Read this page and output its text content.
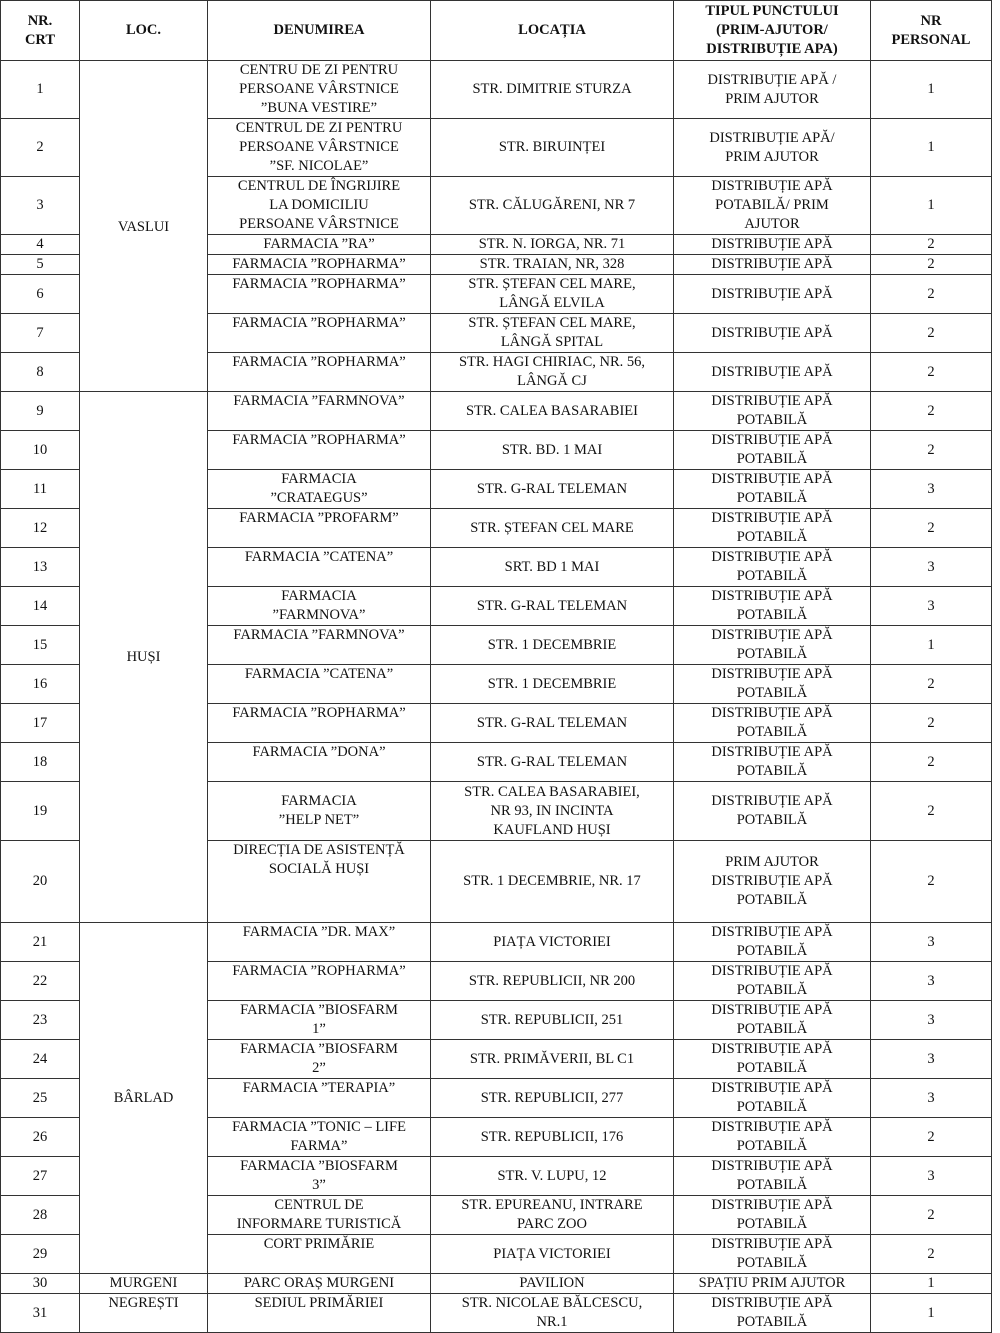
NR.
CRT	LOC.	DENUMIREA	LOCAȚIA	TIPUL PUNCTULUI
(PRIM-AJUTOR/
DISTRIBUȚIE APA)	NR
PERSONAL

1	VASLUI	CENTRU DE ZI PENTRU
PERSOANE VÂRSTNICE
”BUNA VESTIRE”	STR. DIMITRIE STURZA	DISTRIBUȚIE APĂ /
PRIM AJUTOR	1

2		CENTRUL DE ZI PENTRU
PERSOANE VÂRSTNICE
”SF. NICOLAE”	STR. BIRUINȚEI	DISTRIBUȚIE APĂ/
PRIM AJUTOR	1

3		CENTRUL DE ÎNGRIJIRE
LA DOMICILIU
PERSOANE VÂRSTNICE	STR. CĂLUGĂRENI, NR 7	DISTRIBUȚIE APĂ
POTABILĂ/ PRIM
AJUTOR	1

4		FARMACIA ”RA”	STR. N. IORGA, NR. 71	DISTRIBUȚIE APĂ	2

5		FARMACIA ”ROPHARMA”	STR. TRAIAN, NR, 328	DISTRIBUȚIE APĂ	2

6		FARMACIA ”ROPHARMA”	STR. ȘTEFAN CEL MARE,
LÂNGĂ ELVILA	DISTRIBUȚIE APĂ	2

7		FARMACIA ”ROPHARMA”	STR. ȘTEFAN CEL MARE,
LÂNGĂ SPITAL	DISTRIBUȚIE APĂ	2

8		FARMACIA ”ROPHARMA”	STR. HAGI CHIRIAC, NR. 56,
LÂNGĂ CJ	DISTRIBUȚIE APĂ	2

9	HUȘI	FARMACIA ”FARMNOVA”	STR. CALEA BASARABIEI	DISTRIBUȚIE APĂ
POTABILĂ	2

10		FARMACIA ”ROPHARMA”	STR. BD. 1 MAI	DISTRIBUȚIE APĂ
POTABILĂ	2

11		FARMACIA
”CRATAEGUS”	STR. G-RAL TELEMAN	DISTRIBUȚIE APĂ
POTABILĂ	3

12		FARMACIA ”PROFARM”	STR. ȘTEFAN CEL MARE	DISTRIBUȚIE APĂ
POTABILĂ	2

13		FARMACIA ”CATENA”	SRT. BD 1 MAI	DISTRIBUȚIE APĂ
POTABILĂ	3

14		FARMACIA
”FARMNOVA”	STR. G-RAL TELEMAN	DISTRIBUȚIE APĂ
POTABILĂ	3

15		FARMACIA ”FARMNOVA”	STR. 1 DECEMBRIE	DISTRIBUȚIE APĂ
POTABILĂ	1

16		FARMACIA ”CATENA”	STR. 1 DECEMBRIE	DISTRIBUȚIE APĂ
POTABILĂ	2

17		FARMACIA ”ROPHARMA”	STR. G-RAL TELEMAN	DISTRIBUȚIE APĂ
POTABILĂ	2

18		FARMACIA ”DONA”	STR. G-RAL TELEMAN	DISTRIBUȚIE APĂ
POTABILĂ	2

19		FARMACIA
”HELP NET”	STR. CALEA BASARABIEI,
NR 93, IN INCINTA
KAUFLAND HUȘI	DISTRIBUȚIE APĂ
POTABILĂ	2

20		DIRECȚIA DE ASISTENȚĂ
SOCIALĂ HUȘI	STR. 1 DECEMBRIE, NR. 17	PRIM AJUTOR
DISTRIBUȚIE APĂ
POTABILĂ	2

21	BÂRLAD	FARMACIA ”DR. MAX”	PIAȚA VICTORIEI	DISTRIBUȚIE APĂ
POTABILĂ	3

22		FARMACIA ”ROPHARMA”	STR. REPUBLICII, NR 200	DISTRIBUȚIE APĂ
POTABILĂ	3

23		FARMACIA ”BIOSFARM
1”	STR. REPUBLICII, 251	DISTRIBUȚIE APĂ
POTABILĂ	3

24		FARMACIA ”BIOSFARM
2”	STR. PRIMĂVERII, BL C1	DISTRIBUȚIE APĂ
POTABILĂ	3

25		FARMACIA ”TERAPIA”	STR. REPUBLICII, 277	DISTRIBUȚIE APĂ
POTABILĂ	3

26		FARMACIA ”TONIC – LIFE
FARMA”	STR. REPUBLICII, 176	DISTRIBUȚIE APĂ
POTABILĂ	2

27		FARMACIA ”BIOSFARM
3”	STR. V. LUPU, 12	DISTRIBUȚIE APĂ
POTABILĂ	3

28		CENTRUL DE
INFORMARE TURISTICĂ	STR. EPUREANU, INTRARE
PARC ZOO	DISTRIBUȚIE APĂ
POTABILĂ	2

29		CORT PRIMĂRIE	PIAȚA VICTORIEI	DISTRIBUȚIE APĂ
POTABILĂ	2

30	MURGENI	PARC ORAȘ MURGENI	PAVILION	SPAȚIU PRIM AJUTOR	1

31	NEGREȘTI	SEDIUL PRIMĂRIEI	STR. NICOLAE BĂLCESCU,
NR.1	DISTRIBUȚIE APĂ
POTABILĂ	1
